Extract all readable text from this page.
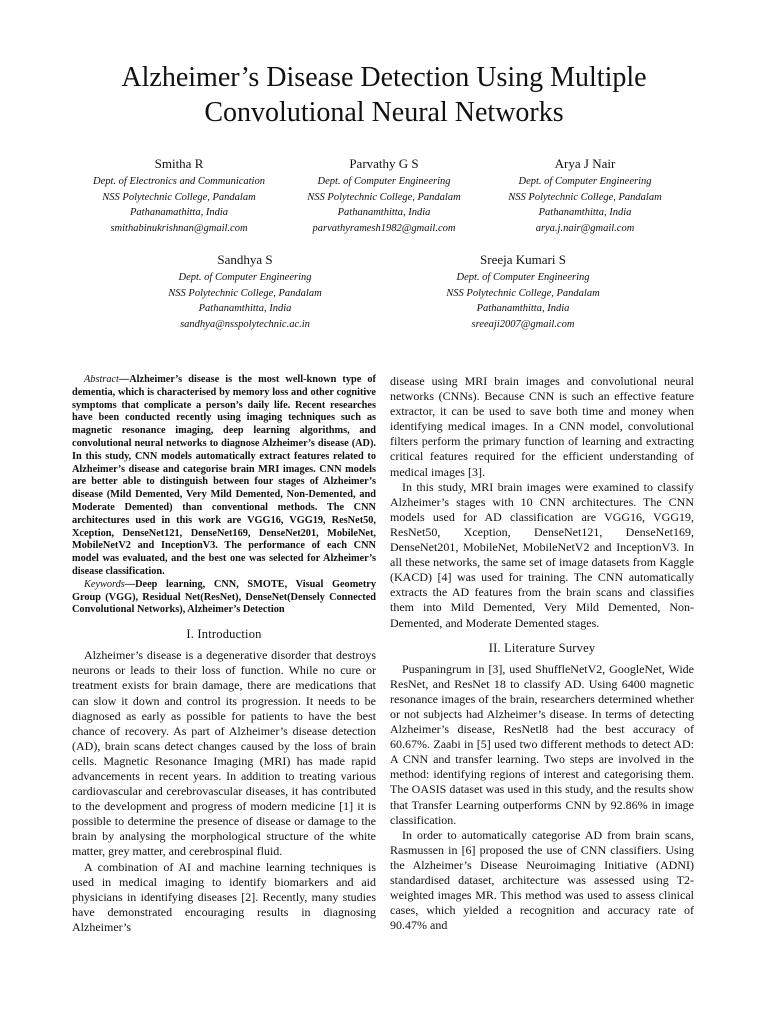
Alzheimer’s Disease Detection Using Multiple Convolutional Neural Networks
Smitha R
Dept. of Electronics and Communication
NSS Polytechnic College, Pandalam
Pathanamathitta, India
smithabinukrishnan@gmail.com
Parvathy G S
Dept. of Computer Engineering
NSS Polytechnic College, Pandalam
Pathanamthitta, India
parvathyramesh1982@gmail.com
Arya J Nair
Dept. of Computer Engineering
NSS Polytechnic College, Pandalam
Pathanamthitta, India
arya.j.nair@gmail.com
Sandhya S
Dept. of Computer Engineering
NSS Polytechnic College, Pandalam
Pathanamthitta, India
sandhya@nsspolytechnic.ac.in
Sreeja Kumari S
Dept. of Computer Engineering
NSS Polytechnic College, Pandalam
Pathanamthitta, India
sreeaji2007@gmail.com

Abstract—Alzheimer’s disease is the most well-known type of dementia, which is characterised by memory loss and other cognitive symptoms that complicate a person’s daily life. Recent researches have been conducted recently using imaging techniques such as magnetic resonance imaging, deep learning algorithms, and convolutional neural networks to diagnose Alzheimer’s disease (AD). In this study, CNN models automatically extract features related to Alzheimer’s disease and categorise brain MRI images. CNN models are better able to distinguish between four stages of Alzheimer’s disease (Mild Demented, Very Mild Demented, Non-Demented, and Moderate Demented) than conventional methods. The CNN architectures used in this work are VGG16, VGG19, ResNet50, Xception, DenseNet121, DenseNet169, DenseNet201, MobileNet, MobileNetV2 and InceptionV3. The performance of each CNN model was evaluated, and the best one was selected for Alzheimer’s disease classification.

Keywords—Deep learning, CNN, SMOTE, Visual Geometry Group (VGG), Residual Net(ResNet), DenseNet(Densely Connected Convolutional Networks), Alzheimer’s Detection

I. Introduction

Alzheimer’s disease is a degenerative disorder that destroys neurons or leads to their loss of function. While no cure or treatment exists for brain damage, there are medications that can slow it down and control its progression. It needs to be diagnosed as early as possible for patients to have the best chance of recovery. As part of Alzheimer’s disease detection (AD), brain scans detect changes caused by the loss of brain cells. Magnetic Resonance Imaging (MRI) has made rapid advancements in recent years. In addition to treating various cardiovascular and cerebrovascular diseases, it has contributed to the development and progress of modern medicine [1] it is possible to determine the presence of disease or damage to the brain by analysing the morphological structure of the white matter, grey matter, and cerebrospinal fluid.

A combination of AI and machine learning techniques is used in medical imaging to identify biomarkers and aid physicians in identifying diseases [2]. Recently, many studies have demonstrated encouraging results in diagnosing Alzheimer’s

disease using MRI brain images and convolutional neural networks (CNNs). Because CNN is such an effective feature extractor, it can be used to save both time and money when identifying medical images. In a CNN model, convolutional filters perform the primary function of learning and extracting critical features required for the efficient understanding of medical images [3].

In this study, MRI brain images were examined to classify Alzheimer’s stages with 10 CNN architectures. The CNN models used for AD classification are VGG16, VGG19, ResNet50, Xception, DenseNet121, DenseNet169, DenseNet201, MobileNet, MobileNetV2 and InceptionV3. In all these networks, the same set of image datasets from Kaggle (KACD) [4] was used for training. The CNN automatically extracts the AD features from the brain scans and classifies them into Mild Demented, Very Mild Demented, Non-Demented, and Moderate Demented stages.

II. Literature Survey

Puspaningrum in [3], used ShuffleNetV2, GoogleNet, Wide ResNet, and ResNet 18 to classify AD. Using 6400 magnetic resonance images of the brain, researchers determined whether or not subjects had Alzheimer’s disease. In terms of detecting Alzheimer’s disease, ResNetl8 had the best accuracy of 60.67%. Zaabi in [5] used two different methods to detect AD: A CNN and transfer learning. Two steps are involved in the method: identifying regions of interest and categorising them. The OASIS dataset was used in this study, and the results show that Transfer Learning outperforms CNN by 92.86% in image classification.

In order to automatically categorise AD from brain scans, Rasmussen in [6] proposed the use of CNN classifiers. Using the Alzheimer’s Disease Neuroimaging Initiative (ADNI) standardised dataset, architecture was assessed using T2-weighted images MR. This method was used to assess clinical cases, which yielded a recognition and accuracy rate of 90.47% and
